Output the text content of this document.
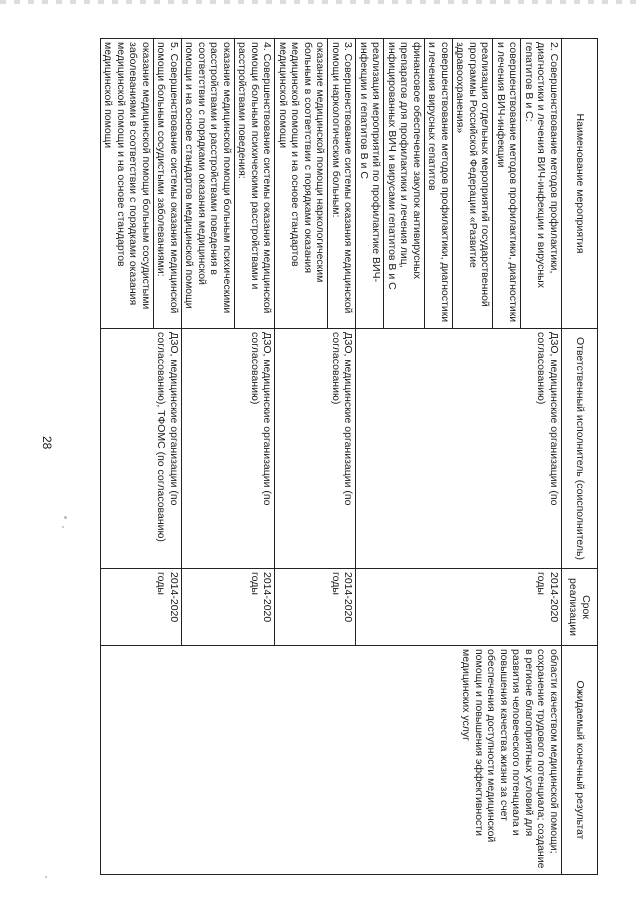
28
Наименование мероприятия	Ответственный исполнитель (соисполнитель)	Срок реализации	Ожидаемый конечный результат
2. Совершенствование методов профилактики, диагностики и лечения ВИЧ-инфекции и вирусных гепатитов В и С:	ДЗО, медицинские организации (по согласованию)	2014-2020 годы	области качеством медицинской помощи; сохранение трудового потенциала; создание в регионе благоприятных условий для развития человеческого потенциала и повышения качества жизни за счет обеспечения доступности медицинской помощи и повышения эффективности медицинских услуг
совершенствование методов профилактики, диагностики и лечения ВИЧ-инфекции			
реализация отдельных мероприятий государственной программы Российской Федерации «Развитие здравоохранения»			
совершенствование методов профилактики, диагностики и лечения вирусных гепатитов			
финансовое обеспечение закупок антивирусных препаратов для профилактики и лечения лиц, инфицированных ВИЧ и вирусами гепатитов В и С			
реализация мероприятий по профилактике ВИЧ-инфекции и гепатитов В и С			
3. Совершенствование системы оказания медицинской помощи наркологическим больным:	ДЗО, медицинские организации (по согласованию)	2014-2020 годы	
оказание медицинской помощи наркологическим больным в соответствии с порядками оказания медицинской помощи и на основе стандартов медицинской помощи			
4. Совершенствование системы оказания медицинской помощи больным психическими расстройствами и расстройствами поведения:	ДЗО, медицинские организации (по согласованию)	2014-2020 годы	
оказание медицинской помощи больным психическими расстройствами и расстройствами поведения в соответствии с порядками оказания медицинской помощи и на основе стандартов медицинской помощи			
5. Совершенствование системы оказания медицинской помощи больным сосудистыми заболеваниями:	ДЗО, медицинские организации (по согласованию), ТФОМС (по согласованию)	2014-2020 годы	
оказание медицинской помощи больным сосудистыми заболеваниями в соответствии с порядками оказания медицинской помощи и на основе стандартов медицинской помощи			
